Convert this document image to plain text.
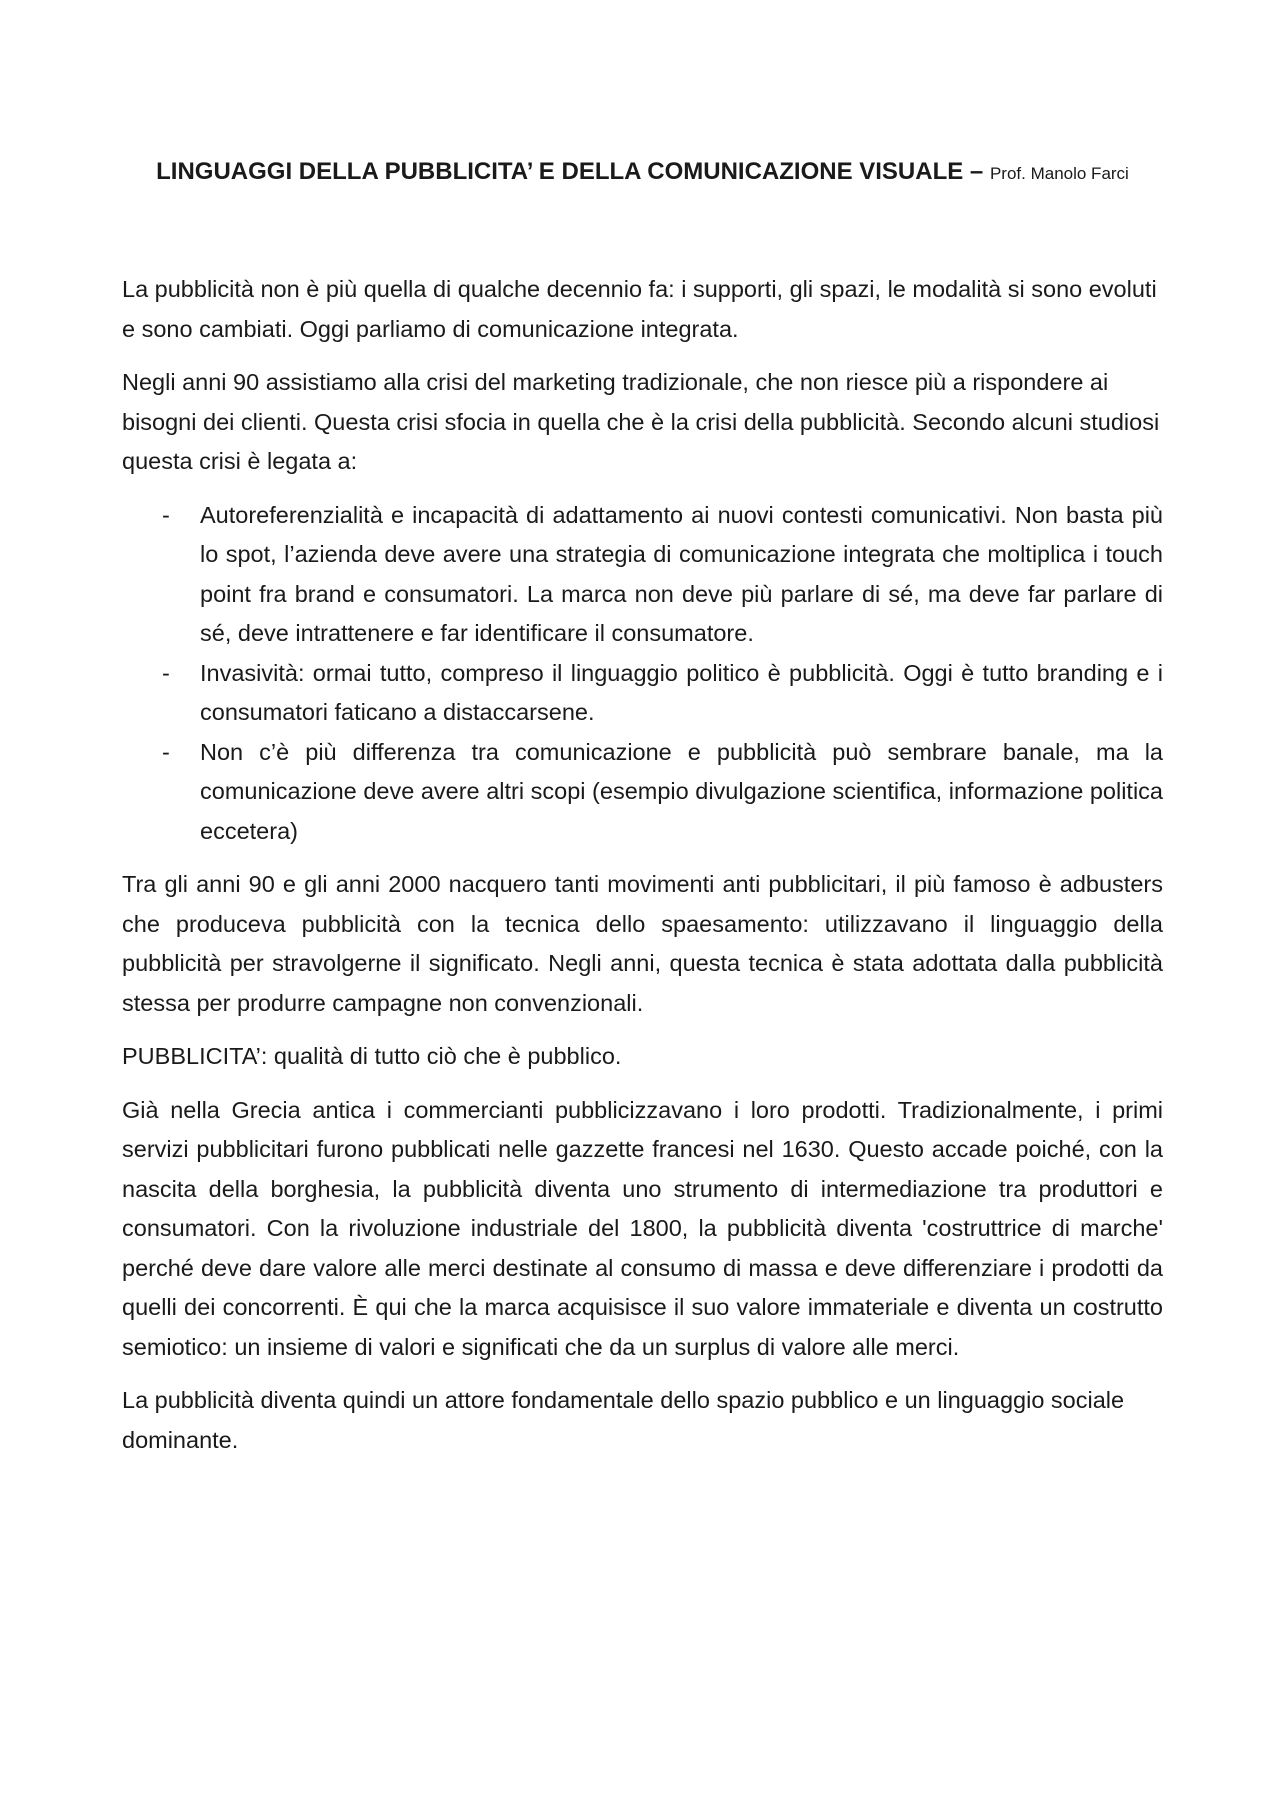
LINGUAGGI DELLA PUBBLICITA’ E DELLA COMUNICAZIONE VISUALE – Prof. Manolo Farci

La pubblicità non è più quella di qualche decennio fa: i supporti, gli spazi, le modalità si sono evoluti e sono cambiati. Oggi parliamo di comunicazione integrata.

Negli anni 90 assistiamo alla crisi del marketing tradizionale, che non riesce più a rispondere ai bisogni dei clienti. Questa crisi sfocia in quella che è la crisi della pubblicità. Secondo alcuni studiosi questa crisi è legata a:

- Autoreferenzialità e incapacità di adattamento ai nuovi contesti comunicativi. Non basta più lo spot, l’azienda deve avere una strategia di comunicazione integrata che moltiplica i touch point fra brand e consumatori. La marca non deve più parlare di sé, ma deve far parlare di sé, deve intrattenere e far identificare il consumatore.
- Invasività: ormai tutto, compreso il linguaggio politico è pubblicità. Oggi è tutto branding e i consumatori faticano a distaccarsene.
- Non c’è più differenza tra comunicazione e pubblicità può sembrare banale, ma la comunicazione deve avere altri scopi (esempio divulgazione scientifica, informazione politica eccetera)

Tra gli anni 90 e gli anni 2000 nacquero tanti movimenti anti pubblicitari, il più famoso è adbusters che produceva pubblicità con la tecnica dello spaesamento: utilizzavano il linguaggio della pubblicità per stravolgerne il significato. Negli anni, questa tecnica è stata adottata dalla pubblicità stessa per produrre campagne non convenzionali.

PUBBLICITA’: qualità di tutto ciò che è pubblico.

Già nella Grecia antica i commercianti pubblicizzavano i loro prodotti. Tradizionalmente, i primi servizi pubblicitari furono pubblicati nelle gazzette francesi nel 1630. Questo accade poiché, con la nascita della borghesia, la pubblicità diventa uno strumento di intermediazione tra produttori e consumatori. Con la rivoluzione industriale del 1800, la pubblicità diventa 'costruttrice di marche' perché deve dare valore alle merci destinate al consumo di massa e deve differenziare i prodotti da quelli dei concorrenti. È qui che la marca acquisisce il suo valore immateriale e diventa un costrutto semiotico: un insieme di valori e significati che da un surplus di valore alle merci.

La pubblicità diventa quindi un attore fondamentale dello spazio pubblico e un linguaggio sociale dominante.
